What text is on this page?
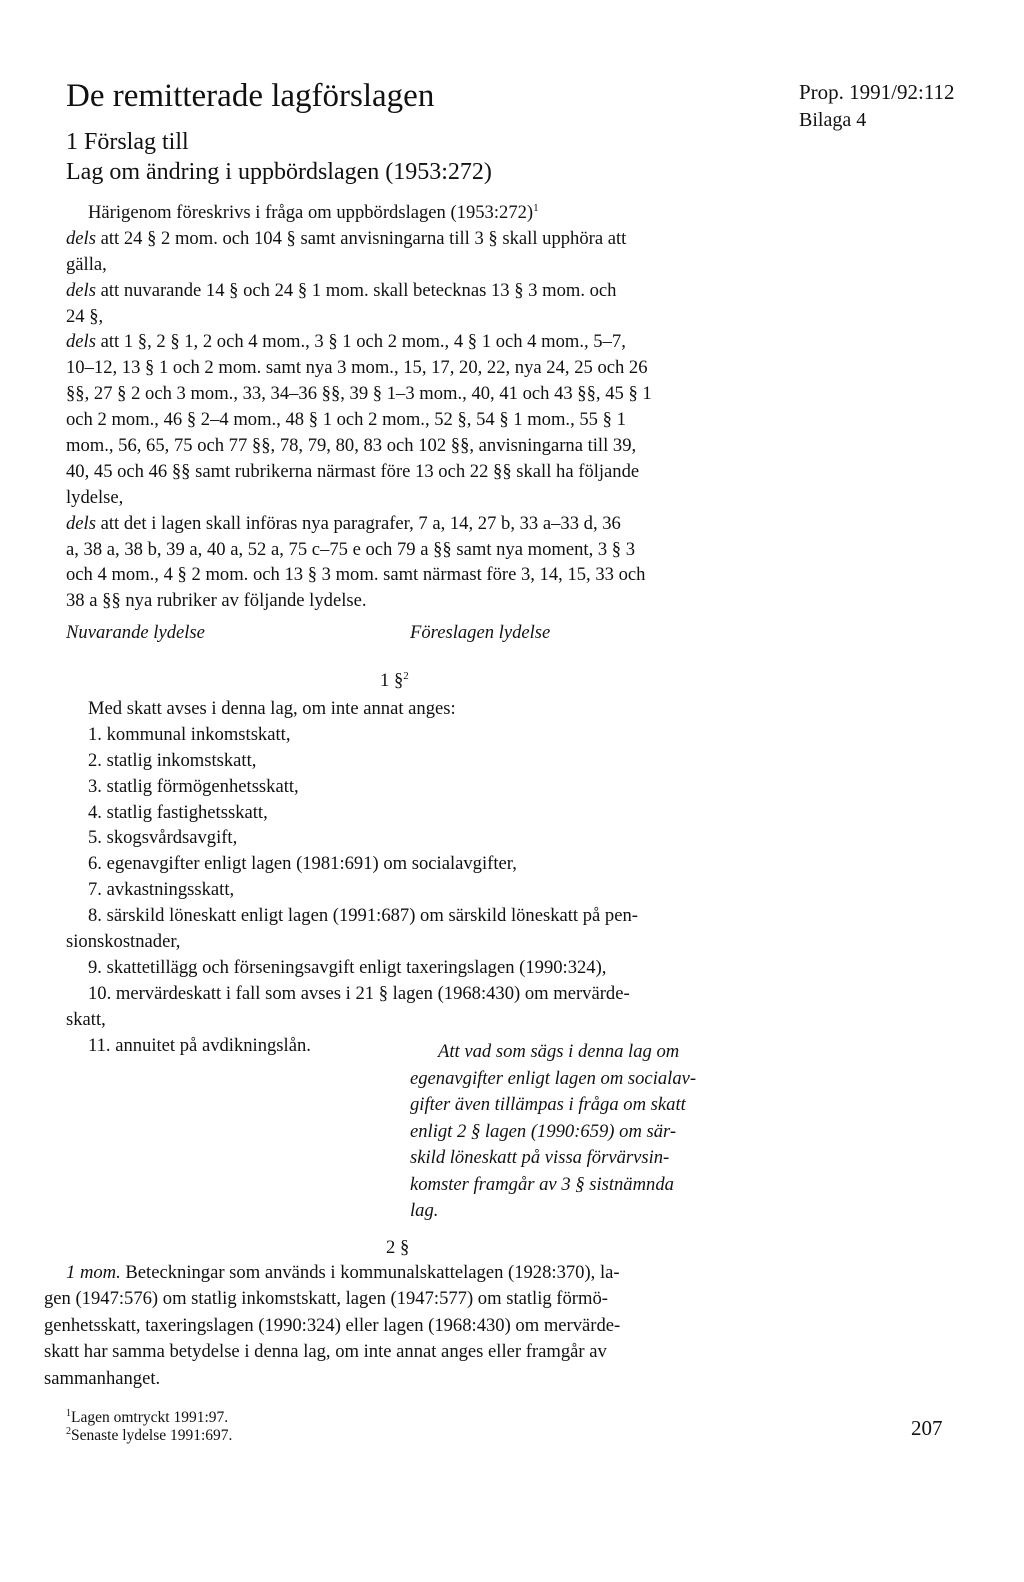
De remitterade lagförslagen
1 Förslag till
Lag om ändring i uppbördslagen (1953:272)
Prop. 1991/92:112
Bilaga 4
Härigenom föreskrivs i fråga om uppbördslagen (1953:272)$^1$
dels att 24 § 2 mom. och 104 § samt anvisningarna till 3 § skall upphöra att
gälla,
dels att nuvarande 14 § och 24 § 1 mom. skall betecknas 13 § 3 mom. och
24 §,
dels att 1 §, 2 § 1, 2 och 4 mom., 3 § 1 och 2 mom., 4 § 1 och 4 mom., 5–7,
10–12, 13 § 1 och 2 mom. samt nya 3 mom., 15, 17, 20, 22, nya 24, 25 och 26
§§, 27 § 2 och 3 mom., 33, 34–36 §§, 39 § 1–3 mom., 40, 41 och 43 §§, 45 § 1
och 2 mom., 46 § 2–4 mom., 48 § 1 och 2 mom., 52 §, 54 § 1 mom., 55 § 1
mom., 56, 65, 75 och 77 §§, 78, 79, 80, 83 och 102 §§, anvisningarna till 39,
40, 45 och 46 §§ samt rubrikerna närmast före 13 och 22 §§ skall ha följande
lydelse,
dels att det i lagen skall införas nya paragrafer, 7 a, 14, 27 b, 33 a–33 d, 36
a, 38 a, 38 b, 39 a, 40 a, 52 a, 75 c–75 e och 79 a §§ samt nya moment, 3 § 3
och 4 mom., 4 § 2 mom. och 13 § 3 mom. samt närmast före 3, 14, 15, 33 och
38 a §§ nya rubriker av följande lydelse.
Nuvarande lydelse	Föreslagen lydelse
1 §$^2$
Med skatt avses i denna lag, om inte annat anges:
1. kommunal inkomstskatt,
2. statlig inkomstskatt,
3. statlig förmögenhetsskatt,
4. statlig fastighetsskatt,
5. skogsvårdsavgift,
6. egenavgifter enligt lagen (1981:691) om socialavgifter,
7. avkastningsskatt,
8. särskild löneskatt enligt lagen (1991:687) om särskild löneskatt på pen-
sionskostnader,
9. skattetillägg och förseningsavgift enligt taxeringslagen (1990:324),
10. mervärdeskatt i fall som avses i 21 § lagen (1968:430) om mervärde-
skatt,
11. annuitet på avdikningslån.	Att vad som sägs i denna lag om
egenavgifter enligt lagen om socialav-
gifter även tillämpas i fråga om skatt
enligt 2 § lagen (1990:659) om sär-
skild löneskatt på vissa förvärvsin-
komster framgår av 3 § sistnämnda
lag.
2 §
1 mom. Beteckningar som används i kommunalskattelagen (1928:370), la-
gen (1947:576) om statlig inkomstskatt, lagen (1947:577) om statlig förmö-
genhetsskatt, taxeringslagen (1990:324) eller lagen (1968:430) om mervärde-
skatt har samma betydelse i denna lag, om inte annat anges eller framgår av
sammanhanget.
$^1$Lagen omtryckt 1991:97.
$^2$Senaste lydelse 1991:697.	207
